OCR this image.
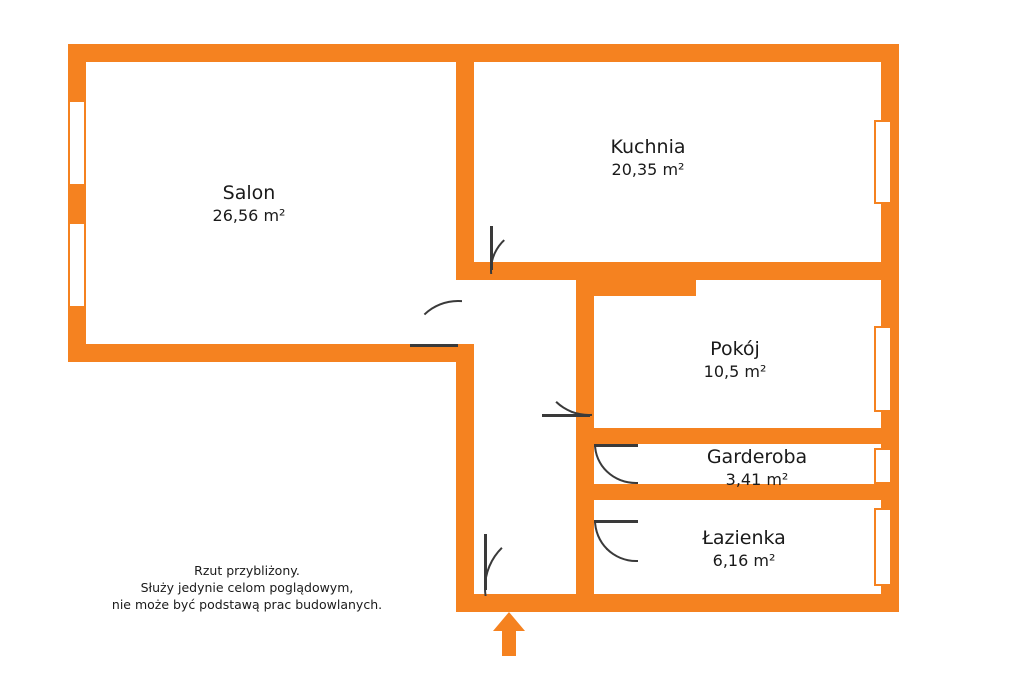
Salon
26,56 m²
Kuchnia
20,35 m²
Pokój
10,5 m²
Garderoba
3,41 m²
Łazienka
6,16 m²
Rzut przybliżony.
Służy jedynie celom poglądowym,
nie może być podstawą prac budowlanych.
